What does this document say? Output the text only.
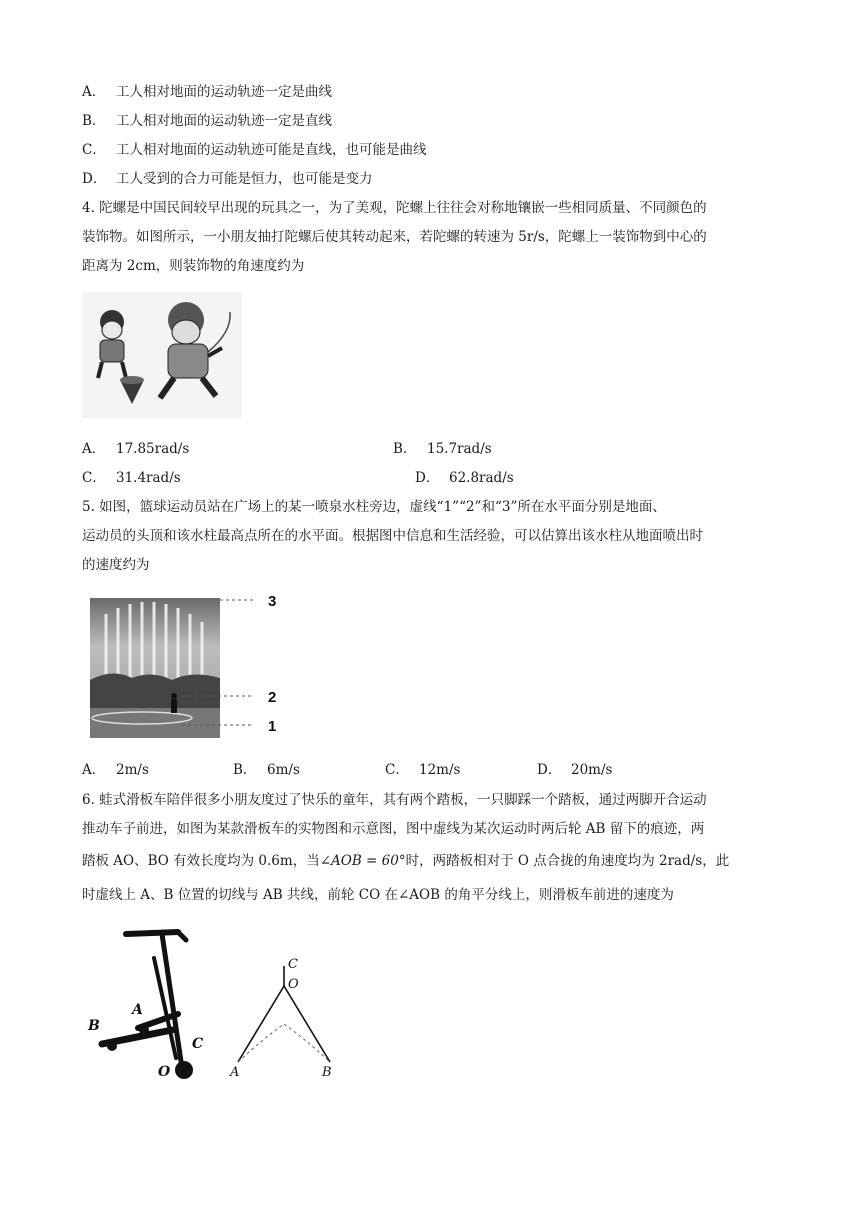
A． 工人相对地面的运动轨迹一定是曲线
B． 工人相对地面的运动轨迹一定是直线
C． 工人相对地面的运动轨迹可能是直线，也可能是曲线
D． 工人受到的合力可能是恒力，也可能是变力
4. 陀螺是中国民间较早出现的玩具之一，为了美观，陀螺上往往会对称地镶嵌一些相同质量、不同颜色的
装饰物。如图所示，一小朋友抽打陀螺后使其转动起来，若陀螺的转速为 5r/s，陀螺上一装饰物到中心的
距离为 2cm，则装饰物的角速度约为
A． 17.85rad/s	B． 15.7rad/s
C． 31.4rad/s	D． 62.8rad/s
5. 如图，篮球运动员站在广场上的某一喷泉水柱旁边，虚线“1”“2”和“3”所在水平面分别是地面、
运动员的头顶和该水柱最高点所在的水平面。根据图中信息和生活经验，可以估算出该水柱从地面喷出时
的速度约为
3
2
1
A． 2m/s	B． 6m/s	C． 12m/s	D． 20m/s
6. 蛙式滑板车陪伴很多小朋友度过了快乐的童年，其有两个踏板，一只脚踩一个踏板，通过两脚开合运动
推动车子前进，如图为某款滑板车的实物图和示意图，图中虚线为某次运动时两后轮 AB 留下的痕迹，两
踏板 AO、BO 有效长度均为 0.6m，当∠AOB = 60°时，两踏板相对于 O 点合拢的角速度均为 2rad/s，此
时虚线上 A、B 位置的切线与 AB 共线，前轮 CO 在∠AOB 的角平分线上，则滑板车前进的速度为
B
A
C
O
C
O
A	B
